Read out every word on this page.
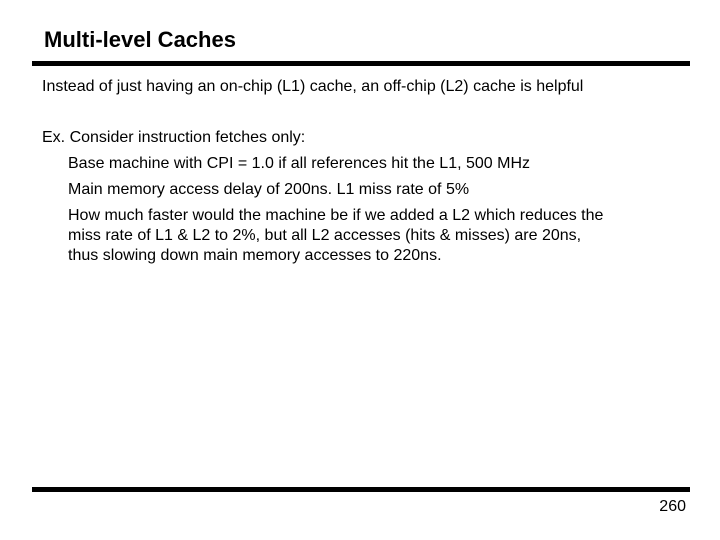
Multi-level Caches
Instead of just having an on-chip (L1) cache, an off-chip (L2) cache is helpful

Ex. Consider instruction fetches only:

Base machine with CPI = 1.0 if all references hit the L1, 500 MHz
Main memory access delay of 200ns. L1 miss rate of 5%
How much faster would the machine be if we added a L2 which reduces the
miss rate of L1 & L2 to 2%, but all L2 accesses (hits & misses) are 20ns,
thus slowing down main memory accesses to 220ns.
260
